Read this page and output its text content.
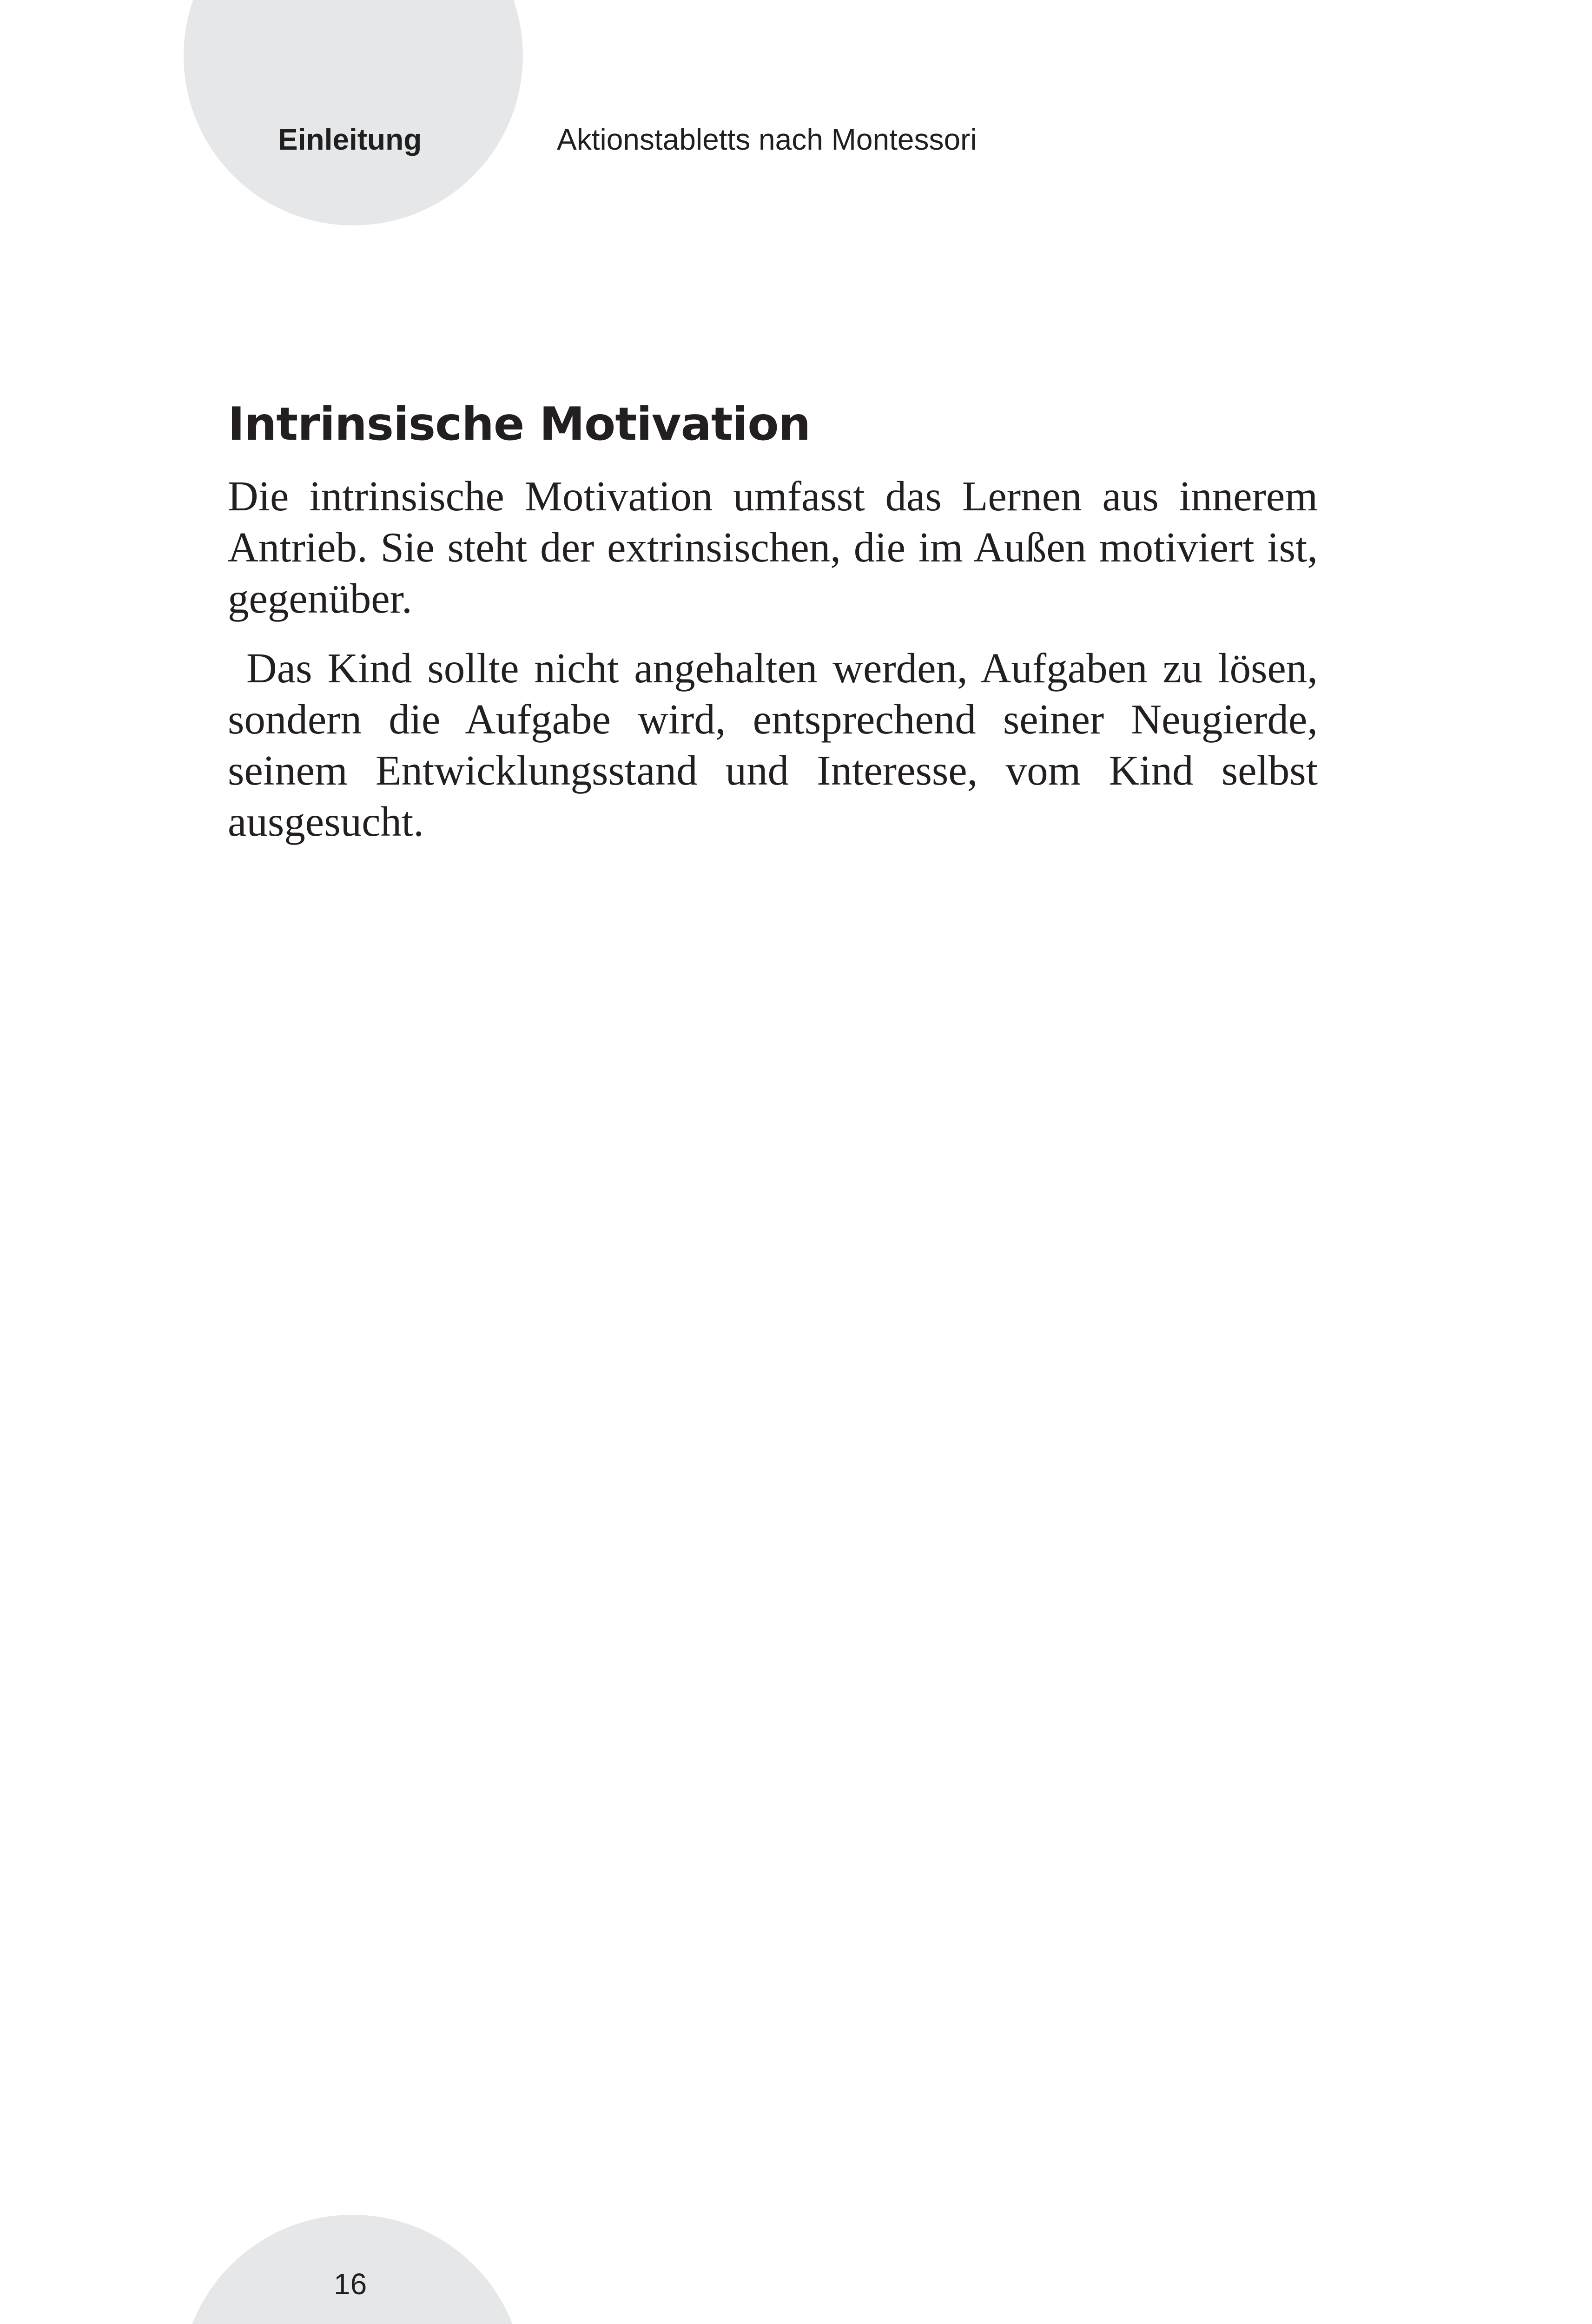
Einleitung	Aktionstabletts nach Montessori
Intrinsische Motivation

Die intrinsische Motivation umfasst das Lernen aus innerem Antrieb. Sie steht der extrinsischen, die im Außen motiviert ist, gegenüber.

Das Kind sollte nicht angehalten werden, Aufgaben zu lösen, sondern die Aufgabe wird, entsprechend seiner Neugierde, seinem Entwicklungsstand und Interesse, vom Kind selbst ausgesucht.

16
